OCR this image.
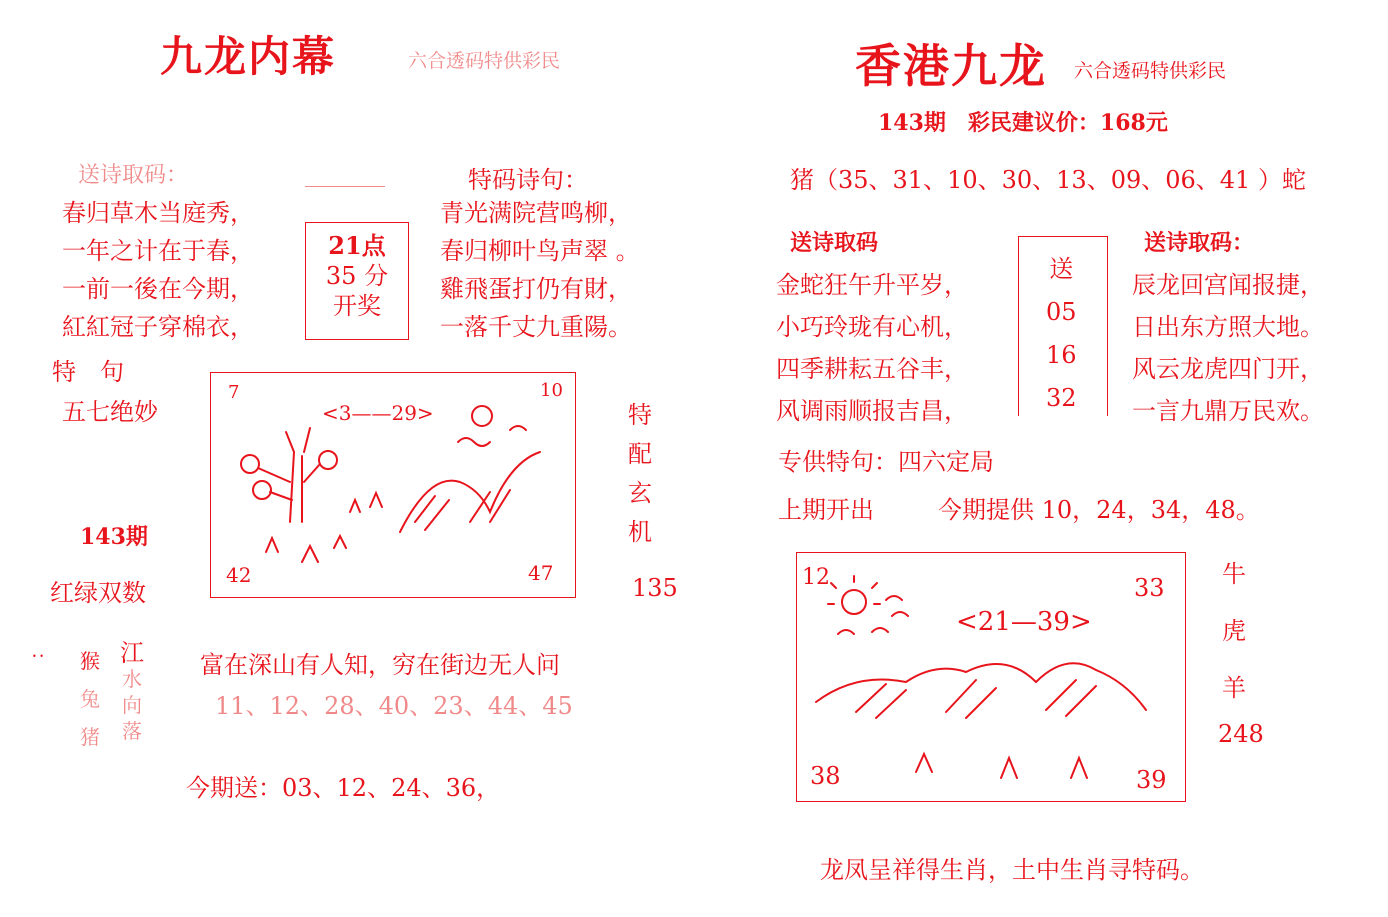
九龙内幕	六合透码特供彩民
送诗取码：
春归草木当庭秀，
一年之计在于春，
一前一後在今期，
紅紅冠子穿棉衣，
21点
35 分
开奖
特码诗句：
青光满院营鸣柳，
春归柳叶鸟声翠 。
雞飛蛋打仍有財，
一落千丈九重陽。
特　句
五七绝妙
143期
红绿双数
7	10
42	47
<3——29>	特
配
玄
机
135
• • 猴
兔
猪
江
水
向
落
富在深山有人知，穷在街边无人问
11、12、28、40、23、44、45
今期送：03、12、24、36，
香港九龙 六合透码特供彩民
143期　彩民建议价：168元
猪（35、31、10、30、13、09、06、41 ）蛇
送诗取码
金蛇狂午升平岁，
小巧玲珑有心机，
四季耕耘五谷丰，
风调雨顺报吉昌，
送
05
16
32
送诗取码：
辰龙回宫闻报捷，
日出东方照大地。
风云龙虎四门开，
一言九鼎万民欢。
专供特句：四六定局
上期开出	今期提供 10，24，34，48。
12	33
38	39
<21—39>
牛
虎
羊
248
龙凤呈祥得生肖，土中生肖寻特码。
